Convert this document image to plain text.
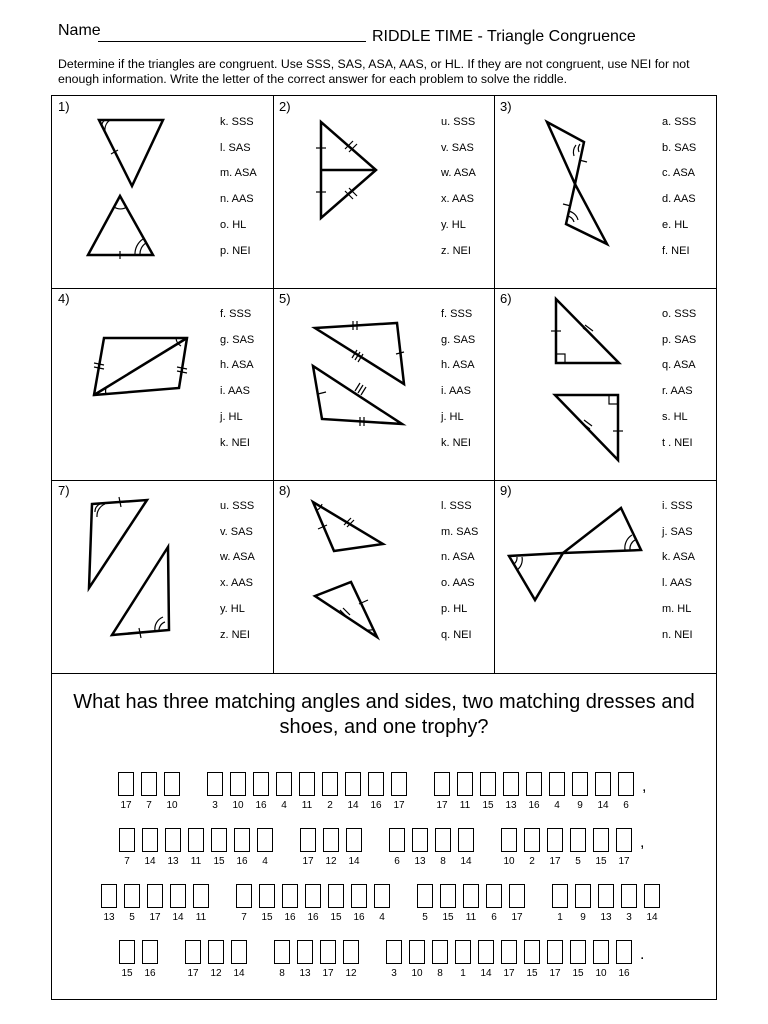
Name	RIDDLE TIME - Triangle Congruence
Determine if the triangles are congruent. Use SSS, SAS, ASA, AAS, or HL. If they are not congruent, use NEI for not enough information. Write the letter of the correct answer for each problem to solve the riddle.
1)
k. SSS
l. SAS
m. ASA
n. AAS
o. HL
p. NEI
2)
u. SSS
v. SAS
w. ASA
x. AAS
y. HL
z. NEI
3)
a. SSS
b. SAS
c. ASA
d. AAS
e. HL
f. NEI
4)
f. SSS
g. SAS
h. ASA
i. AAS
j. HL
k. NEI
5)
f. SSS
g. SAS
h. ASA
i. AAS
j. HL
k. NEI
6)
o. SSS
p. SAS
q. ASA
r. AAS
s. HL
t . NEI
7)
u. SSS
v. SAS
w. ASA
x. AAS
y. HL
z. NEI
8)
l. SSS
m. SAS
n. ASA
o. AAS
p. HL
q. NEI
9)
i. SSS
j. SAS
k. ASA
l. AAS
m. HL
n. NEI
What has three matching angles and sides, two matching dresses and shoes, and one trophy?
17	7	10	3	10	16	4	11	2	14	16	17	17	11	15	13	16	4	9	14	6
,
7	14	13	11	15	16	4	17	12	14	6	13	8	14	10	2	17	5	15	17
,
13	5	17	14	11	7	15	16	16	15	16	4	5	15	11	6	17	1	9	13	3	14
15	16	17	12	14	8	13	17	12	3	10	8	1	14	17	15	17	15	10	16
.
